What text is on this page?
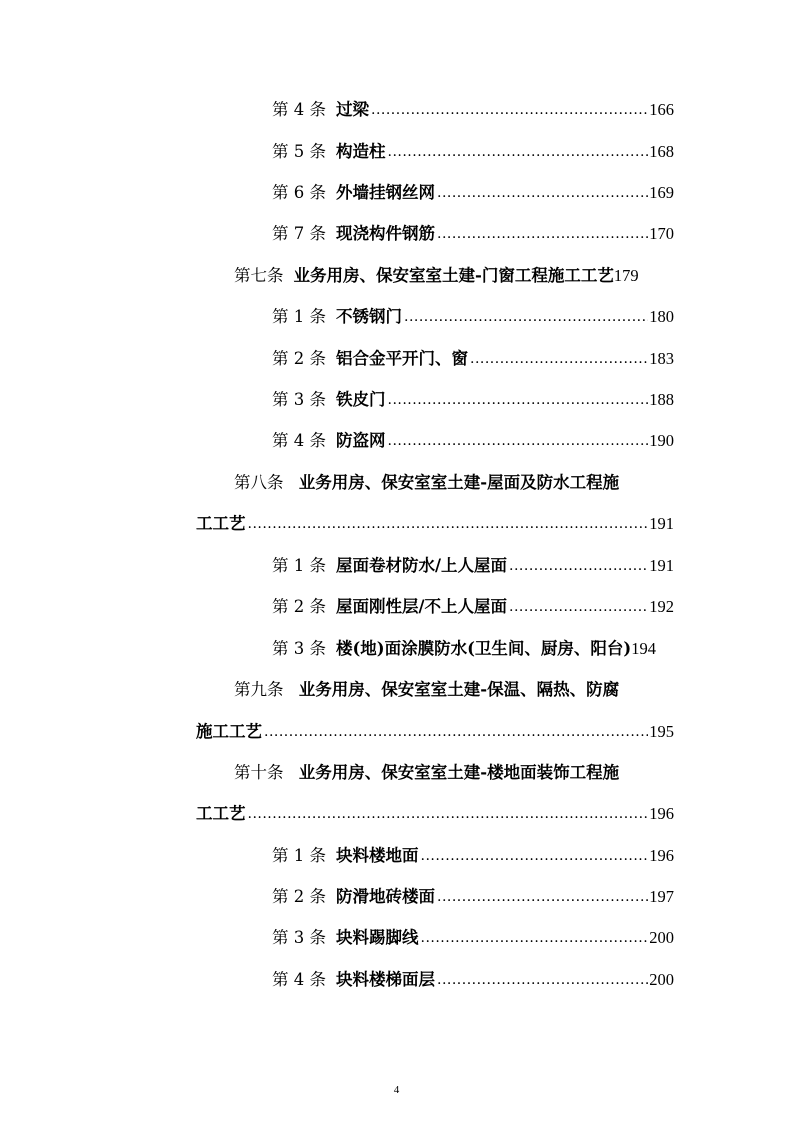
第 4 条 过梁 .....	166
第 5 条 构造柱 .....	168
第 6 条 外墙挂钢丝网 .....	169
第 7 条 现浇构件钢筋 .....	170
第七条 业务用房、保安室室土建-门窗工程施工工艺 179
第 1 条 不锈钢门 .....	180
第 2 条 铝合金平开门、窗 .....	183
第 3 条 铁皮门 .....	188
第 4 条 防盗网 .....	190
第八条 业务用房、保安室室土建-屋面及防水工程施
工工艺 .....	191
第 1 条 屋面卷材防水/上人屋面 .....	191
第 2 条 屋面刚性层/不上人屋面 .....	192
第 3 条 楼(地)面涂膜防水(卫生间、厨房、阳台) 194
第九条 业务用房、保安室室土建-保温、隔热、防腐
施工工艺 .....	195
第十条 业务用房、保安室室土建-楼地面装饰工程施
工工艺 .....	196
第 1 条 块料楼地面 .....	196
第 2 条 防滑地砖楼面 .....	197
第 3 条 块料踢脚线 .....	200
第 4 条 块料楼梯面层 .....	200
4
